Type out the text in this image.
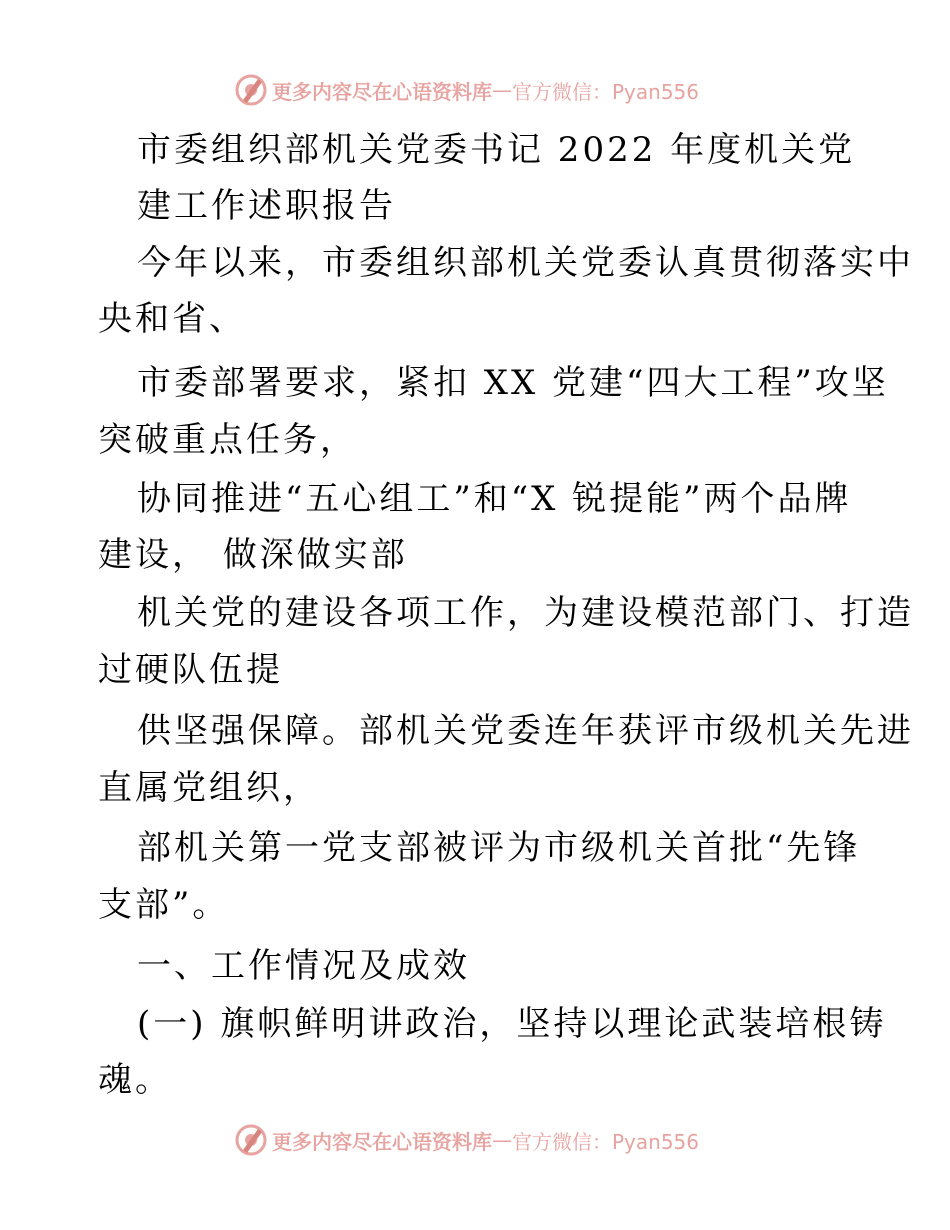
更多内容尽在心语资料库 — 官方微信：Pyan556
市委组织部机关党委书记 2022 年度机关党
建工作述职报告
今年以来，市委组织部机关党委认真贯彻落实中
央和省、
市委部署要求，紧扣 XX 党建“四大工程”攻坚
突破重点任务，
协同推进“五心组工”和“X 锐提能”两个品牌
建设， 做深做实部
机关党的建设各项工作，为建设模范部门、打造
过硬队伍提
供坚强保障。部机关党委连年获评市级机关先进
直属党组织，
部机关第一党支部被评为市级机关首批“先锋
支部”。
一、工作情况及成效
(一) 旗帜鲜明讲政治，坚持以理论武装培根铸
魂。
更多内容尽在心语资料库 — 官方微信：Pyan556
